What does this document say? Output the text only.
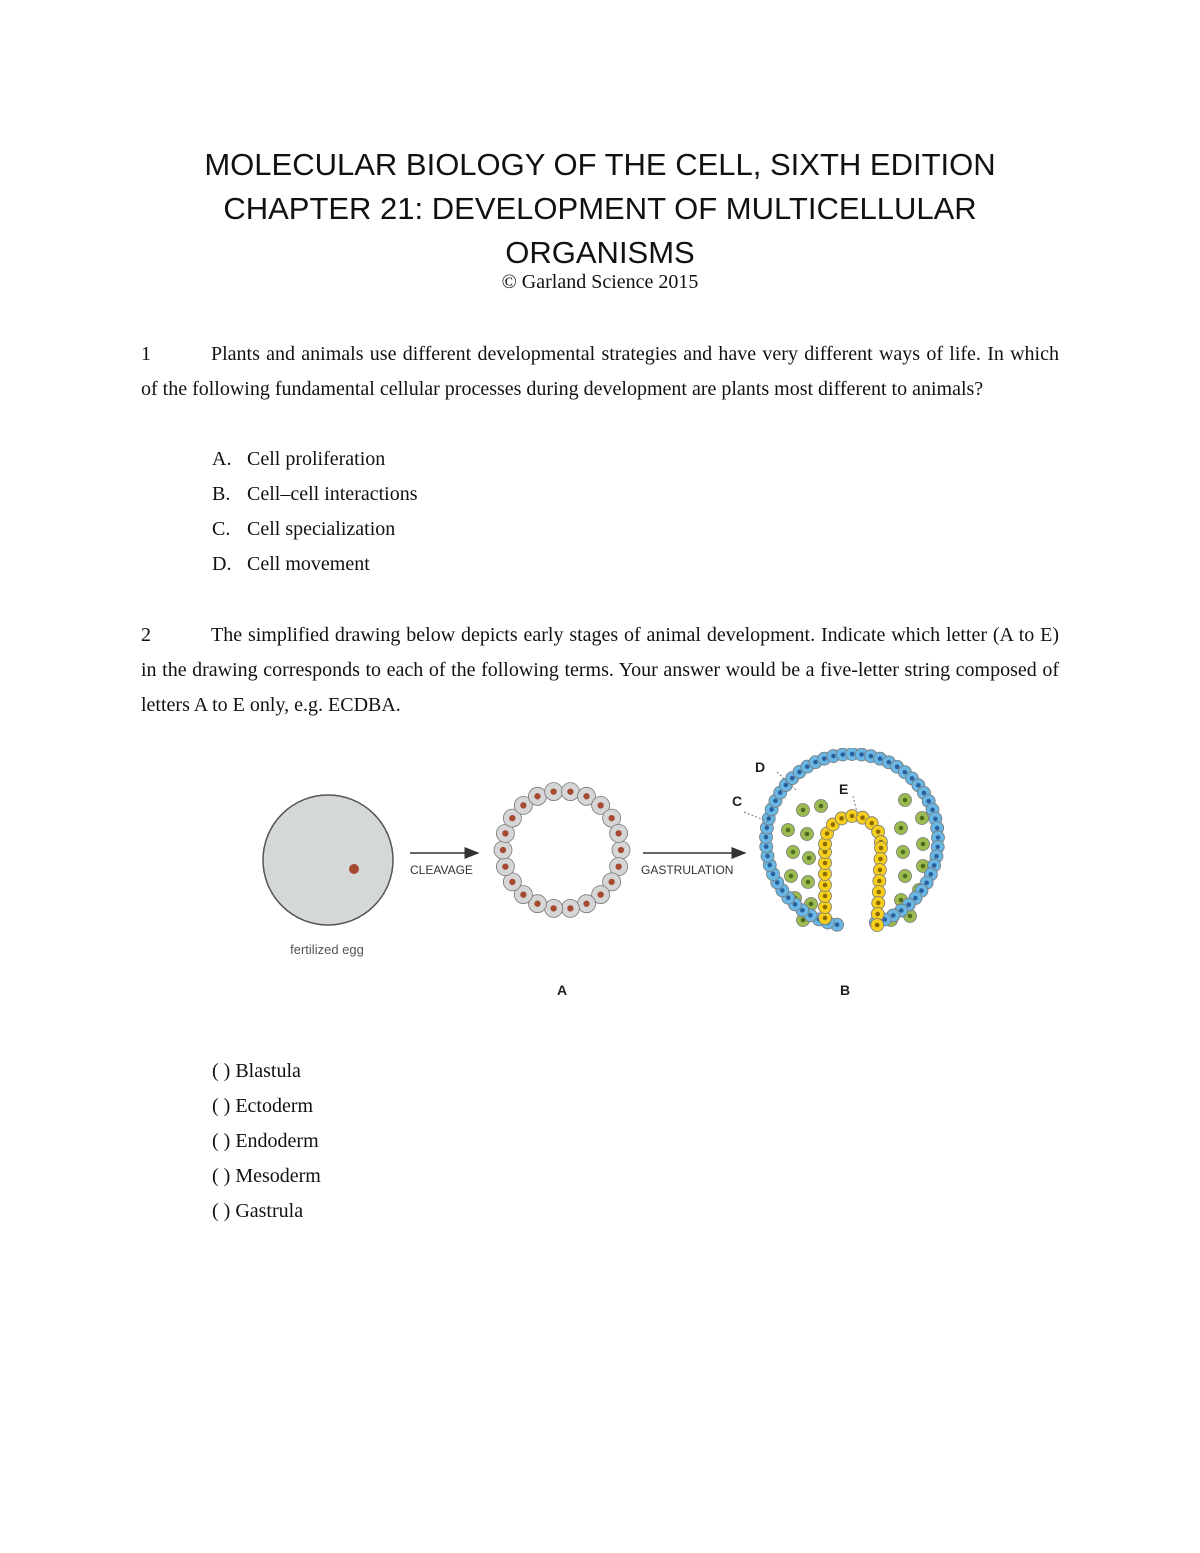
MOLECULAR BIOLOGY OF THE CELL, SIXTH EDITION
CHAPTER 21: DEVELOPMENT OF MULTICELLULAR
ORGANISMS
© Garland Science 2015
1	Plants and animals use different developmental strategies and have very different ways of life. In which of the following fundamental cellular processes during development are plants most different to animals?
A. Cell proliferation
B. Cell–cell interactions
C. Cell specialization
D. Cell movement
2	The simplified drawing below depicts early stages of animal development. Indicate which letter (A to E) in the drawing corresponds to each of the following terms. Your answer would be a five-letter string composed of letters A to E only, e.g. ECDBA.
fertilized egg
CLEAVAGE
A
GASTRULATION
D
C
E
B
( ) Blastula
( ) Ectoderm
( ) Endoderm
( ) Mesoderm
( ) Gastrula
